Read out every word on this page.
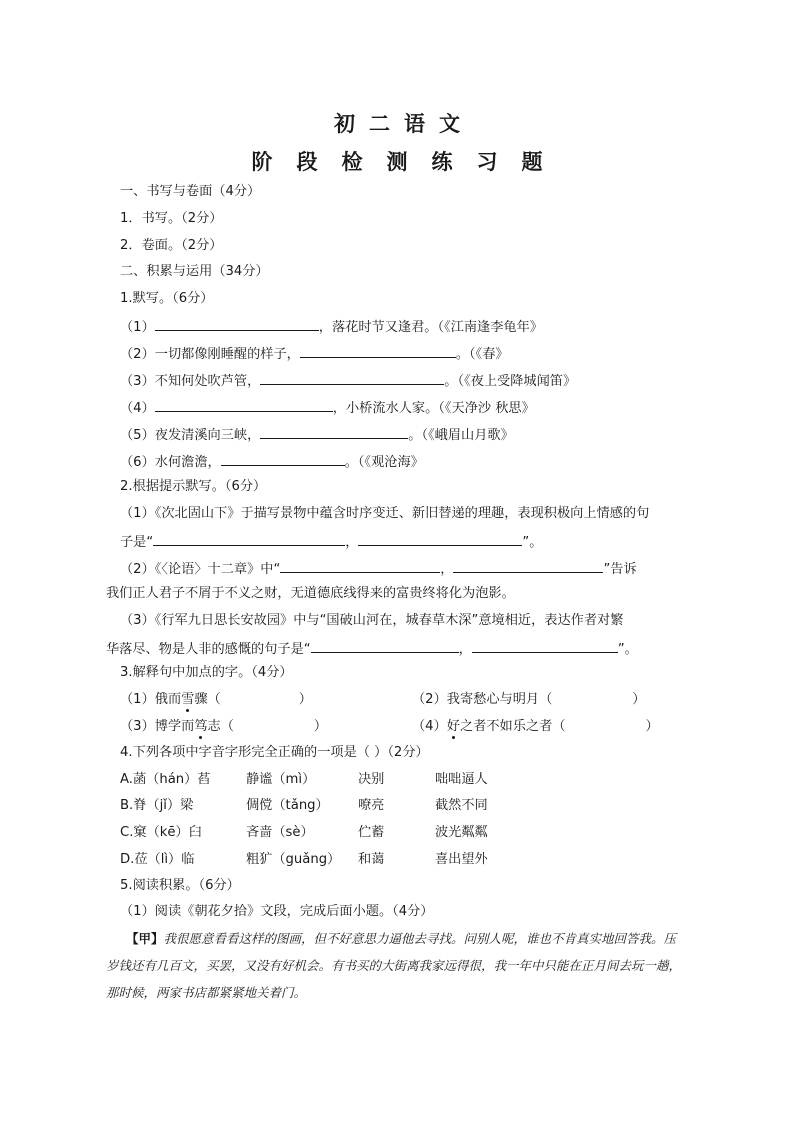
初二语文
阶段检测练习题
一、书写与卷面（4分）
1．书写。（2分）
2．卷面。（2分）
二、积累与运用（34分）
1.默写。（6分）
（1）	，落花时节又逢君。（《江南逢李龟年》
（2）一切都像刚睡醒的样子，	。（《春》
（3）不知何处吹芦管，	。（《夜上受降城闻笛》
（4）	，小桥流水人家。（《天净沙 秋思》
（5）夜发清溪向三峡，	。（《峨眉山月歌》
（6）水何澹澹，	。（《观沧海》
2.根据提示默写。（6分）
（1）《次北固山下》于描写景物中蕴含时序变迁、新旧替递的理趣，表现积极向上情感的句
子是“	，	”。
（2）《〈论语〉十二章》中“	，	”告诉
我们正人君子不屑于不义之财，无道德底线得来的富贵终将化为泡影。
（3）《行军九日思长安故园》中与“国破山河在，城春草木深”意境相近，表达作者对繁
华落尽、物是人非的感慨的句子是“	，	”。
3.解释句中加点的字。（4分）
（1）俄而雪骤（	）	（2）我寄愁心与明月（	）
（3）博学而笃志（	）	（4）好之者不如乐之者（	）
4.下列各项中字音字形完全正确的一项是（ ）（2分）
A.菡（hán）萏	静谧（mì）	决别	咄咄逼人
B.脊（jǐ）梁	倜傥（tǎng） 嘹亮	截然不同
C.窠（kē）臼	吝啬（sè）	伫蓄	波光粼粼
D.莅（lì）临	粗犷（guǎng） 和蔼	喜出望外
5.阅读积累。（6分）
（1）阅读《朝花夕拾》文段，完成后面小题。（4分）
【甲】我很愿意看看这样的图画，但不好意思力逼他去寻找。问别人呢，谁也不肯真实地回答我。压岁钱还有几百文，买罢，又没有好机会。有书买的大街离我家远得很，我一年中只能在正月间去玩一趟，那时候，两家书店都紧紧地关着门。
